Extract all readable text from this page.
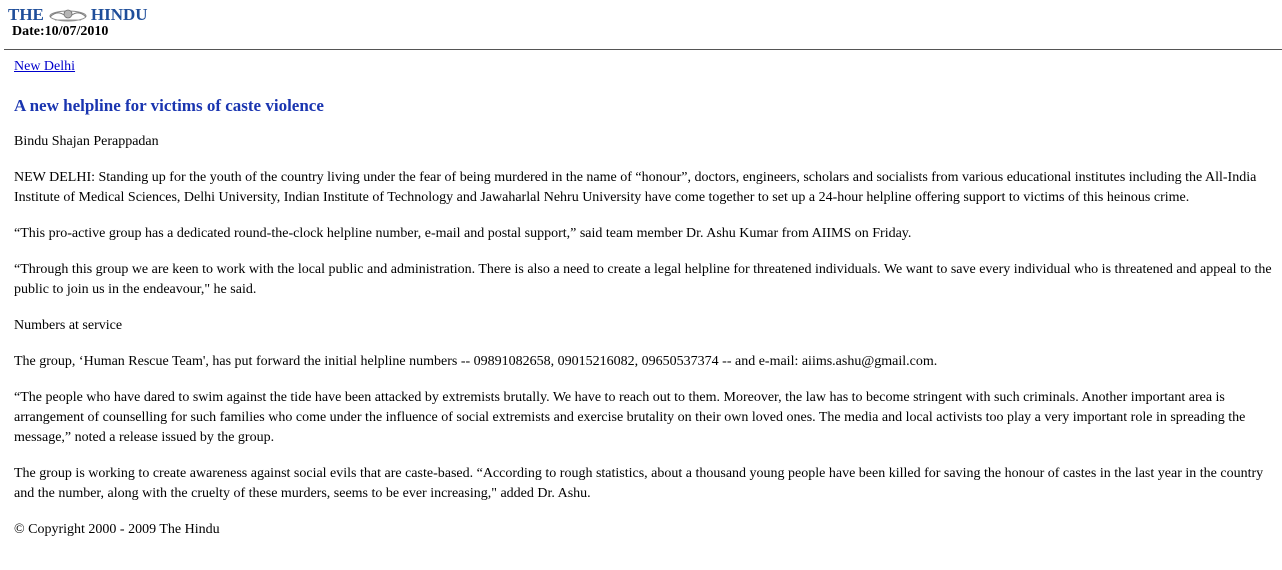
THE	HINDU
Date:10/07/2010
New Delhi
A new helpline for victims of caste violence

Bindu Shajan Perappadan

NEW DELHI: Standing up for the youth of the country living under the fear of being murdered in the name of “honour”, doctors, engineers, scholars and socialists from various educational institutes including the All-India Institute of Medical Sciences, Delhi University, Indian Institute of Technology and Jawaharlal Nehru University have come together to set up a 24-hour helpline offering support to victims of this heinous crime.

“This pro-active group has a dedicated round-the-clock helpline number, e-mail and postal support,” said team member Dr. Ashu Kumar from AIIMS on Friday.

“Through this group we are keen to work with the local public and administration. There is also a need to create a legal helpline for threatened individuals. We want to save every individual who is threatened and appeal to the public to join us in the endeavour," he said.

Numbers at service

The group, ‘Human Rescue Team', has put forward the initial helpline numbers -- 09891082658, 09015216082, 09650537374 -- and e-mail: aiims.ashu@gmail.com.

“The people who have dared to swim against the tide have been attacked by extremists brutally. We have to reach out to them. Moreover, the law has to become stringent with such criminals. Another important area is arrangement of counselling for such families who come under the influence of social extremists and exercise brutality on their own loved ones. The media and local activists too play a very important role in spreading the message,” noted a release issued by the group.

The group is working to create awareness against social evils that are caste-based. “According to rough statistics, about a thousand young people have been killed for saving the honour of castes in the last year in the country and the number, along with the cruelty of these murders, seems to be ever increasing," added Dr. Ashu.

© Copyright 2000 - 2009 The Hindu
